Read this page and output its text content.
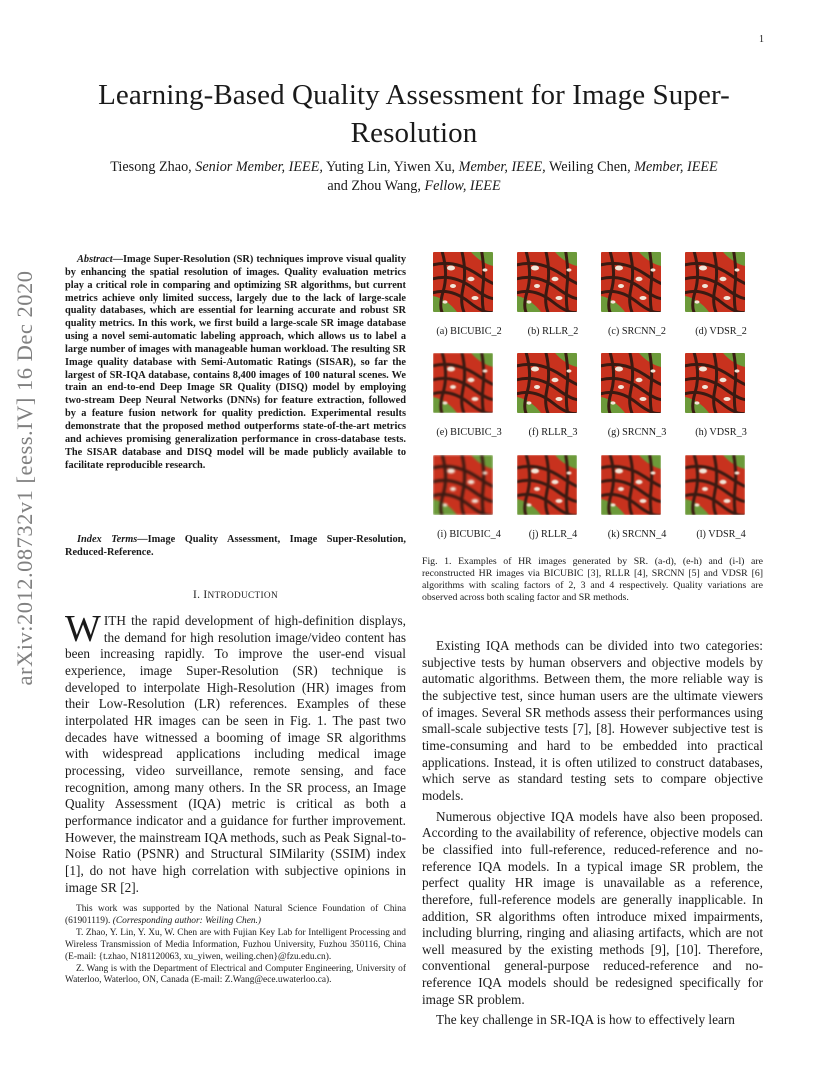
1
Learning-Based Quality Assessment for Image Super-Resolution
Tiesong Zhao, Senior Member, IEEE, Yuting Lin, Yiwen Xu, Member, IEEE, Weiling Chen, Member, IEEE
and Zhou Wang, Fellow, IEEE
arXiv:2012.08732v1 [eess.IV] 16 Dec 2020

Abstract—Image Super-Resolution (SR) techniques improve visual quality by enhancing the spatial resolution of images. Quality evaluation metrics play a critical role in comparing and optimizing SR algorithms, but current metrics achieve only limited success, largely due to the lack of large-scale quality databases, which are essential for learning accurate and robust SR quality metrics. In this work, we first build a large-scale SR image database using a novel semi-automatic labeling approach, which allows us to label a large number of images with manageable human workload. The resulting SR Image quality database with Semi-Automatic Ratings (SISAR), so far the largest of SR-IQA database, contains 8,400 images of 100 natural scenes. We train an end-to-end Deep Image SR Quality (DISQ) model by employing two-stream Deep Neural Networks (DNNs) for feature extraction, followed by a feature fusion network for quality prediction. Experimental results demonstrate that the proposed method outperforms state-of-the-art metrics and achieves promising generalization performance in cross-database tests. The SISAR database and DISQ model will be made publicly available to facilitate reproducible research.

Index Terms—Image Quality Assessment, Image Super-Resolution, Reduced-Reference.

I. INTRODUCTION

WITH the rapid development of high-definition displays, the demand for high resolution image/video content has been increasing rapidly. To improve the user-end visual experience, image Super-Resolution (SR) technique is developed to interpolate High-Resolution (HR) images from their Low-Resolution (LR) references. Examples of these interpolated HR images can be seen in Fig. 1. The past two decades have witnessed a booming of image SR algorithms with widespread applications including medical image processing, video surveillance, remote sensing, and face recognition, among many others. In the SR process, an Image Quality Assessment (IQA) metric is critical as both a performance indicator and a guidance for further improvement. However, the mainstream IQA methods, such as Peak Signal-to-Noise Ratio (PSNR) and Structural SIMilarity (SSIM) index [1], do not have high correlation with subjective opinions in image SR [2].

This work was supported by the National Natural Science Foundation of China (61901119). (Corresponding author: Weiling Chen.)

T. Zhao, Y. Lin, Y. Xu, W. Chen are with Fujian Key Lab for Intelligent Processing and Wireless Transmission of Media Information, Fuzhou University, Fuzhou 350116, China (E-mail: {t.zhao, N181120063, xu_yiwen, weiling.chen}@fzu.edu.cn).

Z. Wang is with the Department of Electrical and Computer Engineering, University of Waterloo, Waterloo, ON, Canada (E-mail: Z.Wang@ece.uwaterloo.ca).

(a) BICUBIC_2	(b) RLLR_2	(c) SRCNN_2	(d) VDSR_2
(e) BICUBIC_3	(f) RLLR_3	(g) SRCNN_3	(h) VDSR_3
(i) BICUBIC_4	(j) RLLR_4	(k) SRCNN_4	(l) VDSR_4
Fig. 1. Examples of HR images generated by SR. (a-d), (e-h) and (i-l) are reconstructed HR images via BICUBIC [3], RLLR [4], SRCNN [5] and VDSR [6] algorithms with scaling factors of 2, 3 and 4 respectively. Quality variations are observed across both scaling factor and SR methods.

Existing IQA methods can be divided into two categories: subjective tests by human observers and objective models by automatic algorithms. Between them, the more reliable way is the subjective test, since human users are the ultimate viewers of images. Several SR methods assess their performances using small-scale subjective tests [7], [8]. However subjective test is time-consuming and hard to be embedded into practical applications. Instead, it is often utilized to construct databases, which serve as standard testing sets to compare objective models.

Numerous objective IQA models have also been proposed. According to the availability of reference, objective models can be classified into full-reference, reduced-reference and no-reference IQA models. In a typical image SR problem, the perfect quality HR image is unavailable as a reference, therefore, full-reference models are generally inapplicable. In addition, SR algorithms often introduce mixed impairments, including blurring, ringing and aliasing artifacts, which are not well measured by the existing methods [9], [10]. Therefore, conventional general-purpose reduced-reference and no-reference IQA models should be redesigned specifically for image SR problem.

The key challenge in SR-IQA is how to effectively learn
